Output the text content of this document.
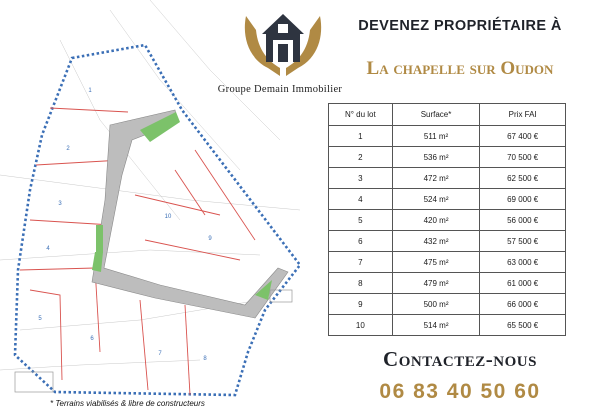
1
2
3
4
5
6
7
8
9
10
* Terrains viabilisés & libre de constructeurs
Groupe Demain Immobilier
DEVENEZ PROPRIÉTAIRE À
La chapelle sur Oudon
N° du lot	Surface*	Prix FAI
1	511 m²	67 400 €
2	536 m²	70 500 €
3	472 m²	62 500 €
4	524 m²	69 000 €
5	420 m²	56 000 €
6	432 m²	57 500 €
7	475 m²	63 000 €
8	479 m²	61 000 €
9	500 m²	66 000 €
10	514 m²	65 500 €
Contactez-nous
06 83 40 50 60
